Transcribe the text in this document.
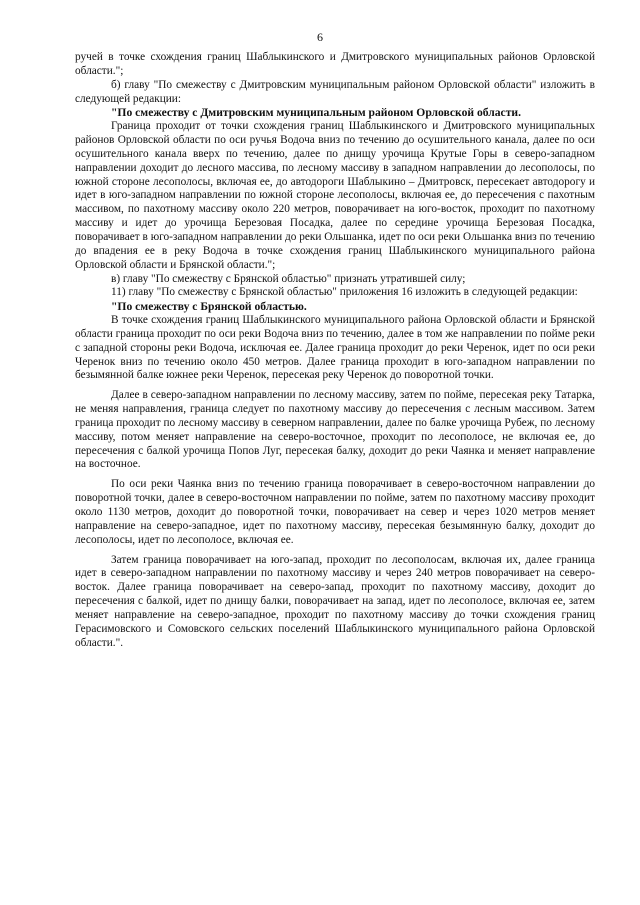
6

ручей в точке схождения границ Шаблыкинского и Дмитровского муниципальных районов Орловской области.";

б) главу "По смежеству с Дмитровским муниципальным районом Орловской области" изложить в следующей редакции:

"По смежеству с Дмитровским муниципальным районом Орловской области.

Граница проходит от точки схождения границ Шаблыкинского и Дмитровского муниципальных районов Орловской области по оси ручья Водоча вниз по течению до осушительного канала, далее по оси осушительного канала вверх по течению, далее по днищу урочища Крутые Горы в северо-западном направлении доходит до лесного массива, по лесному массиву в западном направлении до лесополосы, по южной стороне лесополосы, включая ее, до автодороги Шаблыкино – Дмитровск, пересекает автодорогу и идет в юго-западном направлении по южной стороне лесополосы, включая ее, до пересечения с пахотным массивом, по пахотному массиву около 220 метров, поворачивает на юго-восток, проходит по пахотному массиву и идет до урочища Березовая Посадка, далее по середине урочища Березовая Посадка, поворачивает в юго-западном направлении до реки Ольшанка, идет по оси реки Ольшанка вниз по течению до впадения ее в реку Водоча в точке схождения границ Шаблыкинского муниципального района Орловской области и Брянской области.";

в) главу "По смежеству с Брянской областью" признать утратившей силу;

11) главу "По смежеству с Брянской областью" приложения 16 изложить в следующей редакции:

"По смежеству с Брянской областью.

В точке схождения границ Шаблыкинского муниципального района Орловской области и Брянской области граница проходит по оси реки Водоча вниз по течению, далее в том же направлении по пойме реки с западной стороны реки Водоча, исключая ее. Далее граница проходит до реки Черенок, идет по оси реки Черенок вниз по течению около 450 метров. Далее граница проходит в юго-западном направлении по безымянной балке южнее реки Черенок, пересекая реку Черенок до поворотной точки.

Далее в северо-западном направлении по лесному массиву, затем по пойме, пересекая реку Татарка, не меняя направления, граница следует по пахотному массиву до пересечения с лесным массивом. Затем граница проходит по лесному массиву в северном направлении, далее по балке урочища Рубеж, по лесному массиву, потом меняет направление на северо-восточное, проходит по лесополосе, не включая ее, до пересечения с балкой урочища Попов Луг, пересекая балку, доходит до реки Чаянка и меняет направление на восточное.

По оси реки Чаянка вниз по течению граница поворачивает в северо-восточном направлении до поворотной точки, далее в северо-восточном направлении по пойме, затем по пахотному массиву проходит около 1130 метров, доходит до поворотной точки, поворачивает на север и через 1020 метров меняет направление на северо-западное, идет по пахотному массиву, пересекая безымянную балку, доходит до лесополосы, идет по лесополосе, включая ее.

Затем граница поворачивает на юго-запад, проходит по лесополосам, включая их, далее граница идет в северо-западном направлении по пахотному массиву и через 240 метров поворачивает на северо-восток. Далее граница поворачивает на северо-запад, проходит по пахотному массиву, доходит до пересечения с балкой, идет по днищу балки, поворачивает на запад, идет по лесополосе, включая ее, затем меняет направление на северо-западное, проходит по пахотному массиву до точки схождения границ Герасимовского и Сомовского сельских поселений Шаблыкинского муниципального района Орловской области.".
